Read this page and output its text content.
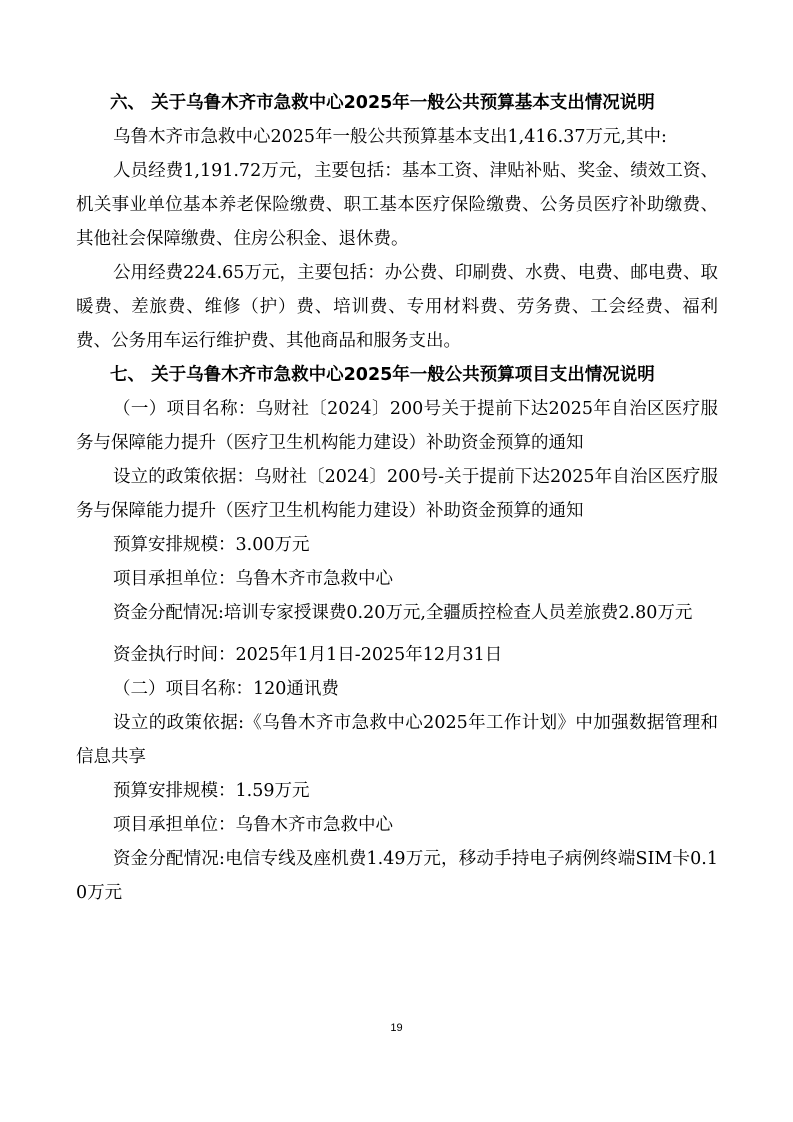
六、 关于乌鲁木齐市急救中心2025年一般公共预算基本支出情况说明

乌鲁木齐市急救中心2025年一般公共预算基本支出1,416.37万元,其中:

人员经费1,191.72万元，主要包括：基本工资、津贴补贴、奖金、绩效工资、机关事业单位基本养老保险缴费、职工基本医疗保险缴费、公务员医疗补助缴费、其他社会保障缴费、住房公积金、退休费。

公用经费224.65万元，主要包括：办公费、印刷费、水费、电费、邮电费、取暖费、差旅费、维修（护）费、培训费、专用材料费、劳务费、工会经费、福利费、公务用车运行维护费、其他商品和服务支出。

七、 关于乌鲁木齐市急救中心2025年一般公共预算项目支出情况说明

（一）项目名称：乌财社〔2024〕200号关于提前下达2025年自治区医疗服务与保障能力提升（医疗卫生机构能力建设）补助资金预算的通知

设立的政策依据：乌财社〔2024〕200号-关于提前下达2025年自治区医疗服务与保障能力提升（医疗卫生机构能力建设）补助资金预算的通知

预算安排规模：3.00万元

项目承担单位：乌鲁木齐市急救中心

资金分配情况:培训专家授课费0.20万元,全疆质控检查人员差旅费2.80万元

资金执行时间：2025年1月1日-2025年12月31日

（二）项目名称：120通讯费

设立的政策依据:《乌鲁木齐市急救中心2025年工作计划》中加强数据管理和信息共享

预算安排规模：1.59万元

项目承担单位：乌鲁木齐市急救中心

资金分配情况:电信专线及座机费1.49万元，移动手持电子病例终端SIM卡0.10万元

19
